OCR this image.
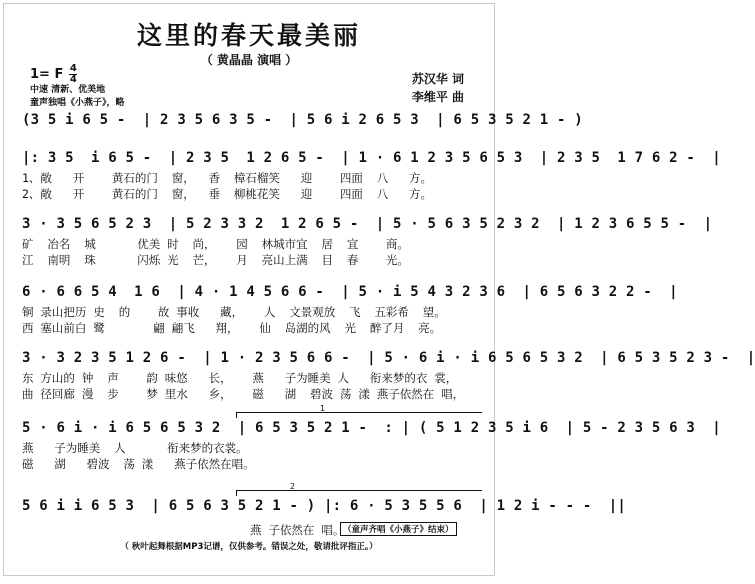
这里的春天最美丽
（ 黄晶晶 演唱 ）
1= F $\frac{4}{4}$
中速 清新、优美地
童声独唱《小燕子》，略
苏汉华 词
李维平 曲
(3 5 i 6 5 -  | 2 3 5 6 3 5 -  | 5 6 i 2 6 5 3  | 6 5 3 5 2 1 - )
|: 3 5  i 6 5 -  | 2 3 5  1 2 6 5 -  | 1 · 6 1 2 3 5 6 5 3  | 2 3 5  1 7 6 2 -  |
1、敞   开    黄石的门  窗，  香  樟石榴笑   迎    四面  八   方。
2、敞   开    黄石的门  窗，  垂  柳桃花笑   迎    四面  八   方。
3 · 3 5 6 5 2 3  | 5 2 3 3 2  1 2 6 5 -  | 5 · 5 6 3 5 2 3 2  | 1 2 3 6 5 5 -  |
矿  冶名  城      优美 时  尚，   园  林城市宜  居  宜    商。
江  南明  珠      闪烁 光  芒，   月  亮山上满  目  春    光。
6 · 6 6 5 4  1 6  | 4 · 1 4 5 6 6 -  | 5 · i 5 4 3 2 3 6  | 6 5 6 3 2 2 -  |
铜 录山把历 史  的    故 事收   藏，   人  文景观放  飞  五彩希  望。
西 塞山前白 鹭       翩 翩飞   翔，   仙  岛湖的风  光  醉了月  亮。
3 · 3 2 3 5 1 2 6 -  | 1 · 2 3 5 6 6 -  | 5 · 6 i · i 6 5 6 5 3 2  | 6 5 3 5 2 3 -  |
东 方山的 钟  声    韵 味悠   长，   燕   子为睡美 人   衔来梦的衣 裳，
曲 径回廊 漫  步    梦 里水   乡，   磁   湖  碧波 荡 漾 燕子依然在 唱，
1
5 · 6 i · i 6 5 6 5 3 2  | 6 5 3 5 2 1 -  : | ( 5 1 2 3 5 i 6  | 5 - 2 3 5 6 3  |
燕   子为睡美  人      衔来梦的衣裳。
磁   湖   碧波  荡 漾   燕子依然在唱。
2
5 6 i i 6 5 3  | 6 5 6 3 5 2 1 - ) |: 6 · 5 3 5 5 6  | 1 2 i - - -  ||
燕 子依然在 唱。
（童声齐唱《小燕子》结束）
（ 秋叶起舞根据MP3记谱，仅供参考。错误之处，敬请批评指正。）
